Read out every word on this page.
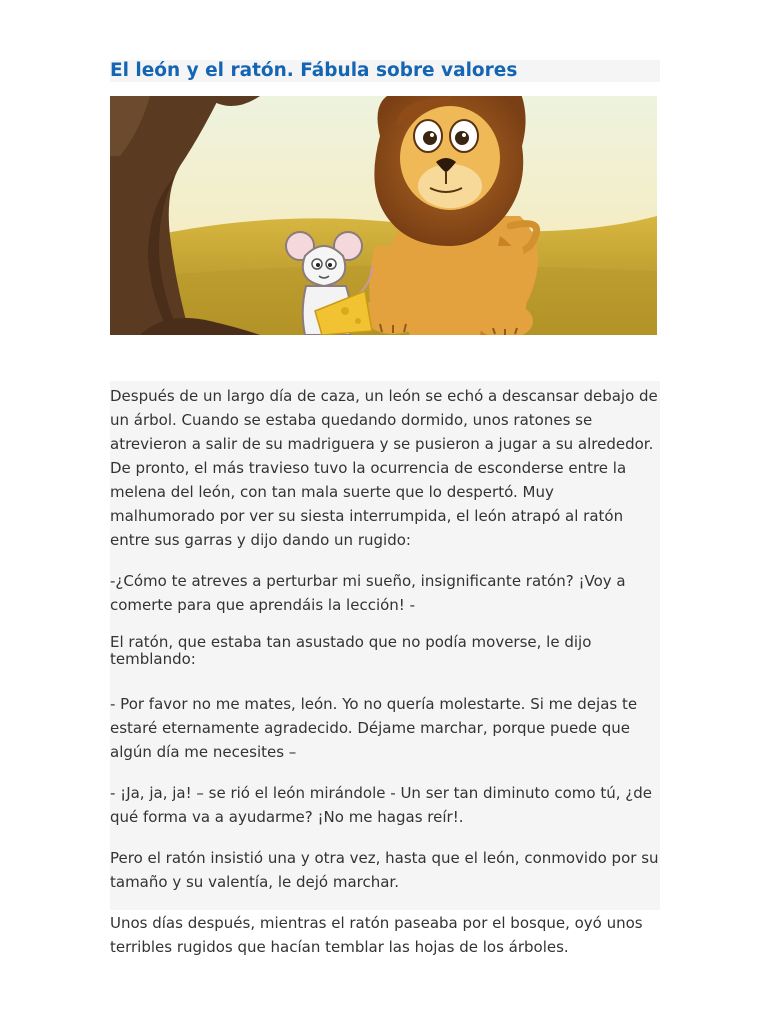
El león y el ratón. Fábula sobre valores

Después de un largo día de caza, un león se echó a descansar debajo de un árbol. Cuando se estaba quedando dormido, unos ratones se atrevieron a salir de su madriguera y se pusieron a jugar a su alrededor. De pronto, el más travieso tuvo la ocurrencia de esconderse entre la melena del león, con tan mala suerte que lo despertó. Muy malhumorado por ver su siesta interrumpida, el león atrapó al ratón entre sus garras y dijo dando un rugido:

-¿Cómo te atreves a perturbar mi sueño, insignificante ratón? ¡Voy a comerte para que aprendáis la lección! -

El ratón, que estaba tan asustado que no podía moverse, le dijo temblando:

- Por favor no me mates, león. Yo no quería molestarte. Si me dejas te estaré eternamente agradecido. Déjame marchar, porque puede que algún día me necesites –

- ¡Ja, ja, ja! – se rió el león mirándole - Un ser tan diminuto como tú, ¿de qué forma va a ayudarme? ¡No me hagas reír!.

Pero el ratón insistió una y otra vez, hasta que el león, conmovido por su tamaño y su valentía, le dejó marchar.

Unos días después, mientras el ratón paseaba por el bosque, oyó unos terribles rugidos que hacían temblar las hojas de los árboles.
